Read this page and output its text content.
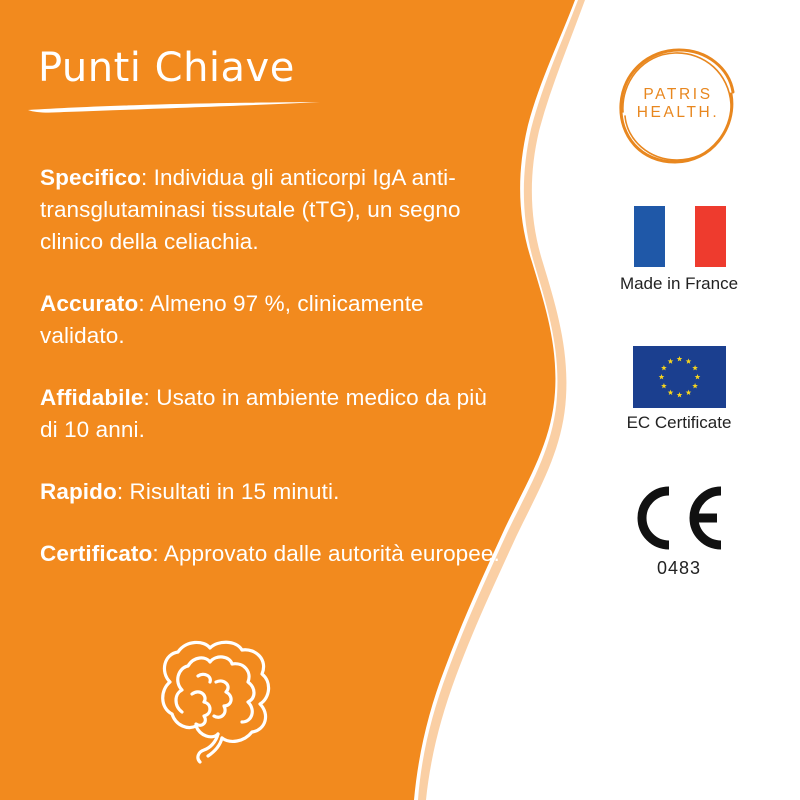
Punti Chiave
Specifico: Individua gli anticorpi IgA anti-transglutaminasi tissutale (tTG), un segno clinico della celiachia.
Accurato: Almeno 97 %, clinicamente validato.
Affidabile: Usato in ambiente medico da più di 10 anni.
Rapido: Risultati in 15 minuti.
Certificato: Approvato dalle autorità europee.
PATRIS
HEALTH.
Made in France
EC Certificate
0483
